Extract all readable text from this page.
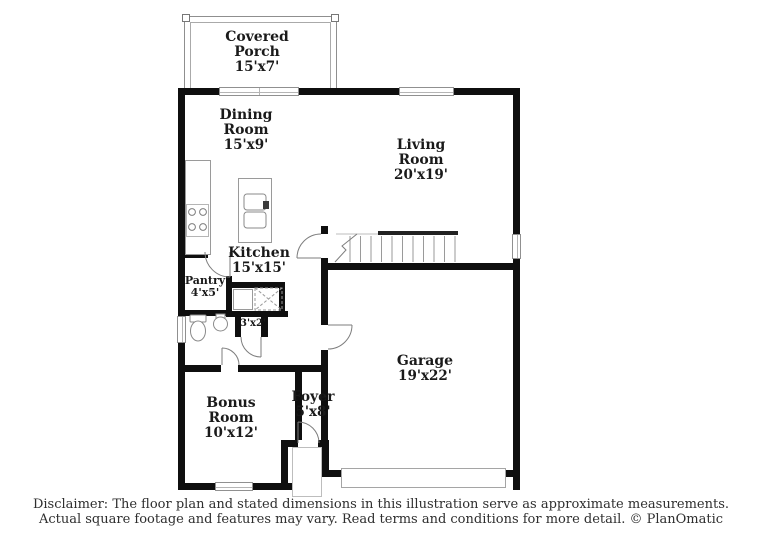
Covered Porch
15'x7'
Dining Room
15'x9'	Living Room
20'x19'
Kitchen
15'x15'
Pantry
4'x5'
3'x2'
Bonus Room
10'x12'
Foyer
5'x8'
Garage
19'x22'
Disclaimer: The floor plan and stated dimensions in this illustration serve as approximate measurements.
Actual square footage and features may vary. Read terms and conditions for more detail. © PlanOmatic
